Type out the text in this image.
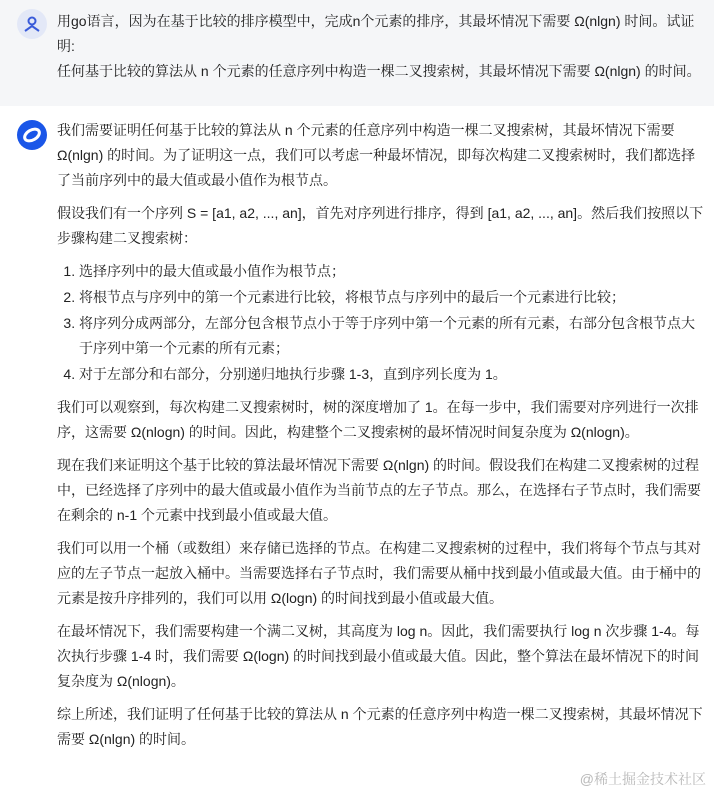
用go语言，因为在基于比较的排序模型中，完成n个元素的排序，其最坏情况下需要 Ω(nlgn) 时间。试证明:
任何基于比较的算法从 n 个元素的任意序列中构造一棵二叉搜索树，其最坏情况下需要 Ω(nlgn) 的时间。

我们需要证明任何基于比较的算法从 n 个元素的任意序列中构造一棵二叉搜索树，其最坏情况下需要 Ω(nlgn) 的时间。为了证明这一点，我们可以考虑一种最坏情况，即每次构建二叉搜索树时，我们都选择了当前序列中的最大值或最小值作为根节点。

假设我们有一个序列 S = [a1, a2, ..., an]，首先对序列进行排序，得到 [a1, a2, ..., an]。然后我们按照以下步骤构建二叉搜索树：

1. 选择序列中的最大值或最小值作为根节点；
2. 将根节点与序列中的第一个元素进行比较，将根节点与序列中的最后一个元素进行比较；
3. 将序列分成两部分，左部分包含根节点小于等于序列中第一个元素的所有元素，右部分包含根节点大于序列中第一个元素的所有元素；
4. 对于左部分和右部分，分别递归地执行步骤 1-3，直到序列长度为 1。

我们可以观察到，每次构建二叉搜索树时，树的深度增加了 1。在每一步中，我们需要对序列进行一次排序，这需要 Ω(nlogn) 的时间。因此，构建整个二叉搜索树的最坏情况时间复杂度为 Ω(nlogn)。

现在我们来证明这个基于比较的算法最坏情况下需要 Ω(nlgn) 的时间。假设我们在构建二叉搜索树的过程中，已经选择了序列中的最大值或最小值作为当前节点的左子节点。那么，在选择右子节点时，我们需要在剩余的 n-1 个元素中找到最小值或最大值。

我们可以用一个桶（或数组）来存储已选择的节点。在构建二叉搜索树的过程中，我们将每个节点与其对应的左子节点一起放入桶中。当需要选择右子节点时，我们需要从桶中找到最小值或最大值。由于桶中的元素是按升序排列的，我们可以用 Ω(logn) 的时间找到最小值或最大值。

在最坏情况下，我们需要构建一个满二叉树，其高度为 log n。因此，我们需要执行 log n 次步骤 1-4。每次执行步骤 1-4 时，我们需要 Ω(logn) 的时间找到最小值或最大值。因此，整个算法在最坏情况下的时间复杂度为 Ω(nlogn)。

综上所述，我们证明了任何基于比较的算法从 n 个元素的任意序列中构造一棵二叉搜索树，其最坏情况下需要 Ω(nlgn) 的时间。

@稀土掘金技术社区
